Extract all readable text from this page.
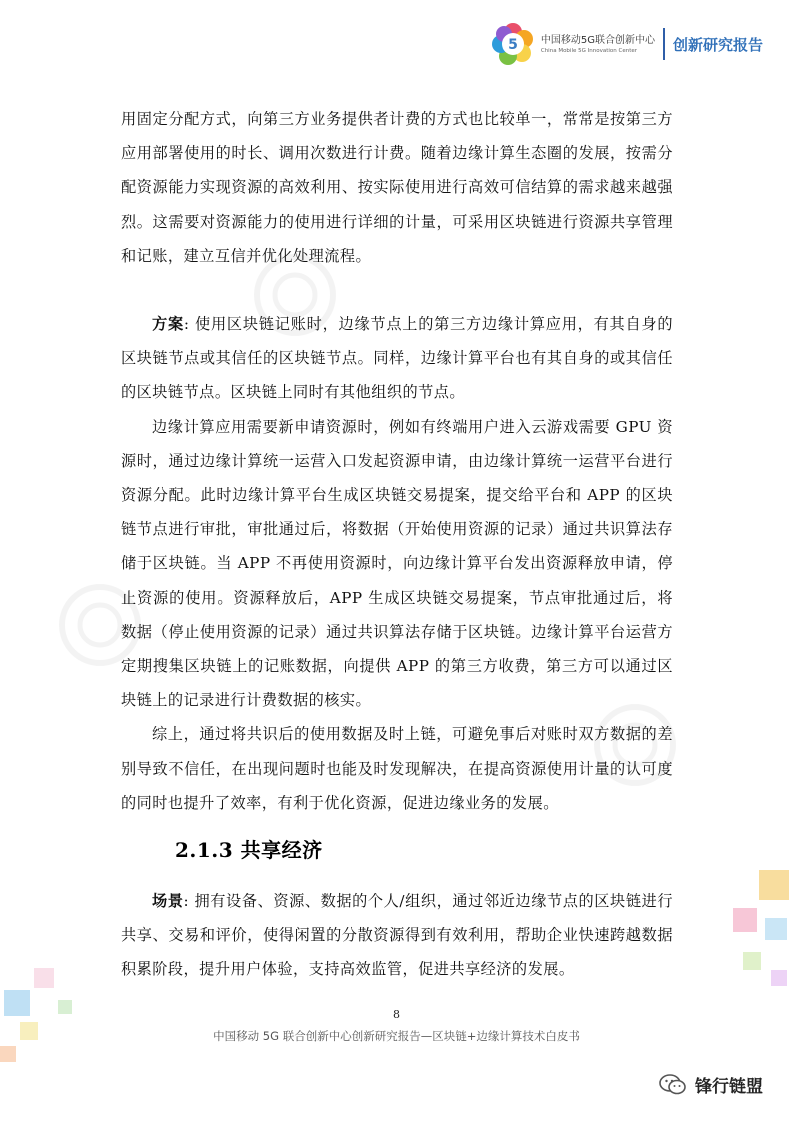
5 中国移动5G联合创新中心
China Mobile 5G Innovation Center	创新研究报告

用固定分配方式，向第三方业务提供者计费的方式也比较单一，常常是按第三方应用部署使用的时长、调用次数进行计费。随着边缘计算生态圈的发展，按需分配资源能力实现资源的高效利用、按实际使用进行高效可信结算的需求越来越强烈。这需要对资源能力的使用进行详细的计量，可采用区块链进行资源共享管理和记账，建立互信并优化处理流程。

方案: 使用区块链记账时，边缘节点上的第三方边缘计算应用，有其自身的区块链节点或其信任的区块链节点。同样，边缘计算平台也有其自身的或其信任的区块链节点。区块链上同时有其他组织的节点。

边缘计算应用需要新申请资源时，例如有终端用户进入云游戏需要 GPU 资源时，通过边缘计算统一运营入口发起资源申请，由边缘计算统一运营平台进行资源分配。此时边缘计算平台生成区块链交易提案，提交给平台和 APP 的区块链节点进行审批，审批通过后，将数据（开始使用资源的记录）通过共识算法存储于区块链。当 APP 不再使用资源时，向边缘计算平台发出资源释放申请，停止资源的使用。资源释放后，APP 生成区块链交易提案，节点审批通过后，将数据（停止使用资源的记录）通过共识算法存储于区块链。边缘计算平台运营方定期搜集区块链上的记账数据，向提供 APP 的第三方收费，第三方可以通过区块链上的记录进行计费数据的核实。

综上，通过将共识后的使用数据及时上链，可避免事后对账时双方数据的差别导致不信任，在出现问题时也能及时发现解决，在提高资源使用计量的认可度的同时也提升了效率，有利于优化资源，促进边缘业务的发展。

2.1.3 共享经济

场景: 拥有设备、资源、数据的个人/组织，通过邻近边缘节点的区块链进行共享、交易和评价，使得闲置的分散资源得到有效利用，帮助企业快速跨越数据积累阶段，提升用户体验，支持高效监管，促进共享经济的发展。

8
中国移动 5G 联合创新中心创新研究报告—区块链+边缘计算技术白皮书
锋行链盟
